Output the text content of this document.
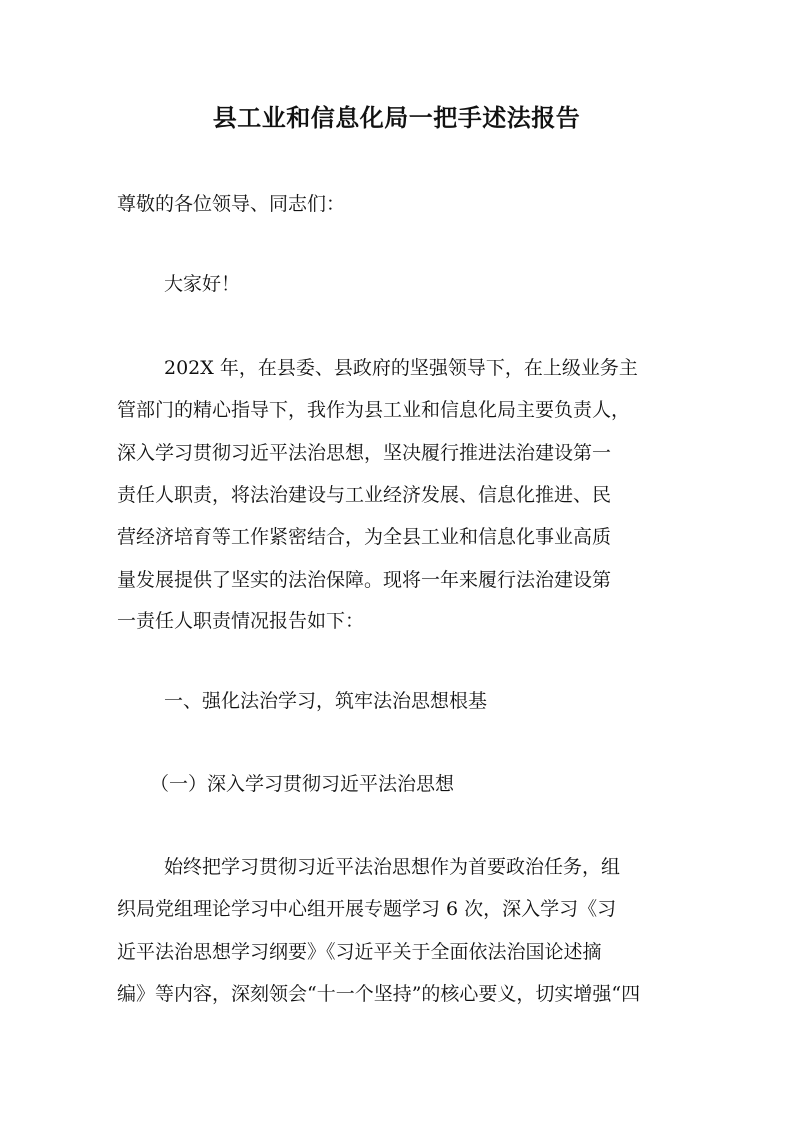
县工业和信息化局一把手述法报告
尊敬的各位领导、同志们：
大家好！
202X 年，在县委、县政府的坚强领导下，在上级业务主
管部门的精心指导下，我作为县工业和信息化局主要负责人，
深入学习贯彻习近平法治思想，坚决履行推进法治建设第一
责任人职责，将法治建设与工业经济发展、信息化推进、民
营经济培育等工作紧密结合，为全县工业和信息化事业高质
量发展提供了坚实的法治保障。现将一年来履行法治建设第
一责任人职责情况报告如下：
一、强化法治学习，筑牢法治思想根基
（一）深入学习贯彻习近平法治思想
始终把学习贯彻习近平法治思想作为首要政治任务，组
织局党组理论学习中心组开展专题学习 6 次，深入学习《习
近平法治思想学习纲要》《习近平关于全面依法治国论述摘
编》等内容，深刻领会“十一个坚持”的核心要义，切实增强“四
